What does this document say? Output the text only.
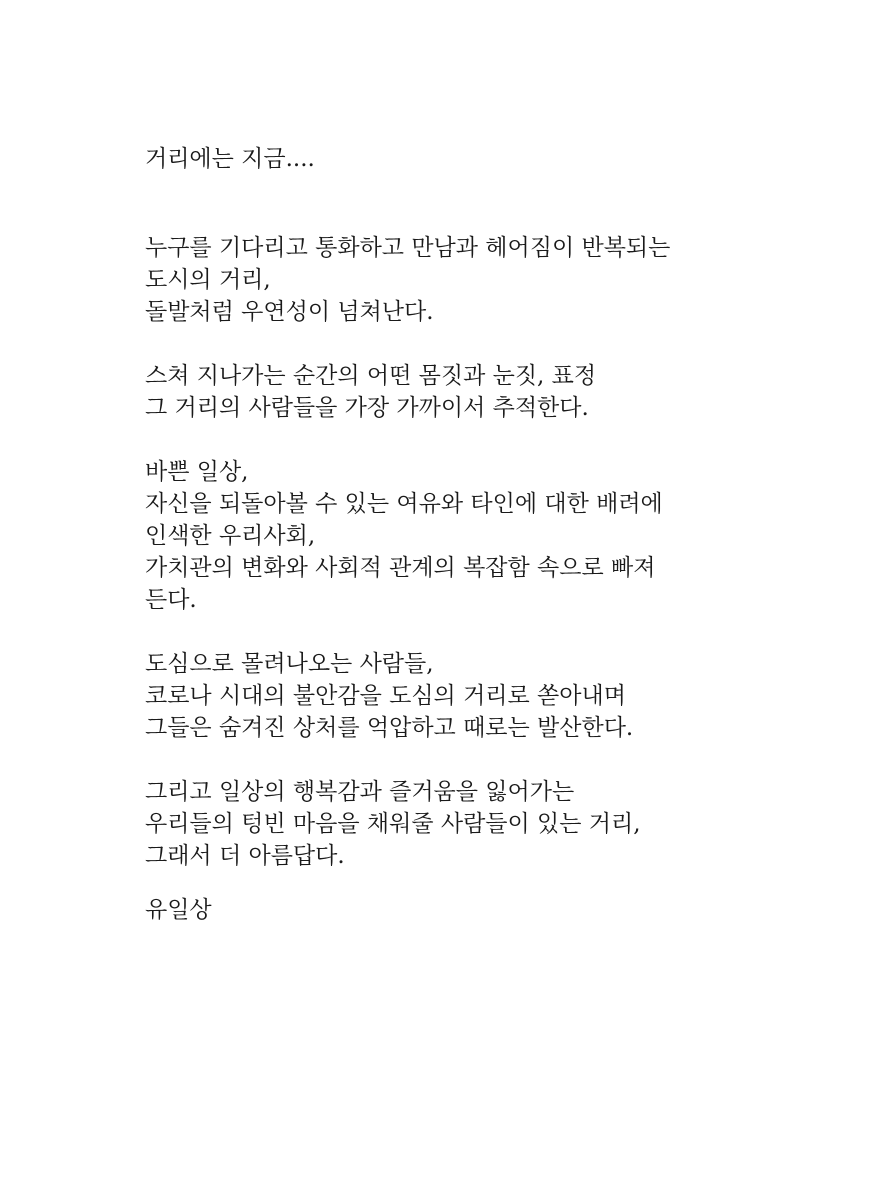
거리에는 지금....
누구를 기다리고 통화하고 만남과 헤어짐이 반복되는
도시의 거리,
돌발처럼 우연성이 넘쳐난다.
스쳐 지나가는 순간의 어떤 몸짓과 눈짓, 표정
그 거리의 사람들을 가장 가까이서 추적한다.
바쁜 일상,
자신을 되돌아볼 수 있는 여유와 타인에 대한 배려에
인색한 우리사회,
가치관의 변화와 사회적 관계의 복잡함 속으로 빠져
든다.
도심으로 몰려나오는 사람들,
코로나 시대의 불안감을 도심의 거리로 쏟아내며
그들은 숨겨진 상처를 억압하고 때로는 발산한다.
그리고 일상의 행복감과 즐거움을 잃어가는
우리들의 텅빈 마음을 채워줄 사람들이 있는 거리,
그래서 더 아름답다.
유일상
